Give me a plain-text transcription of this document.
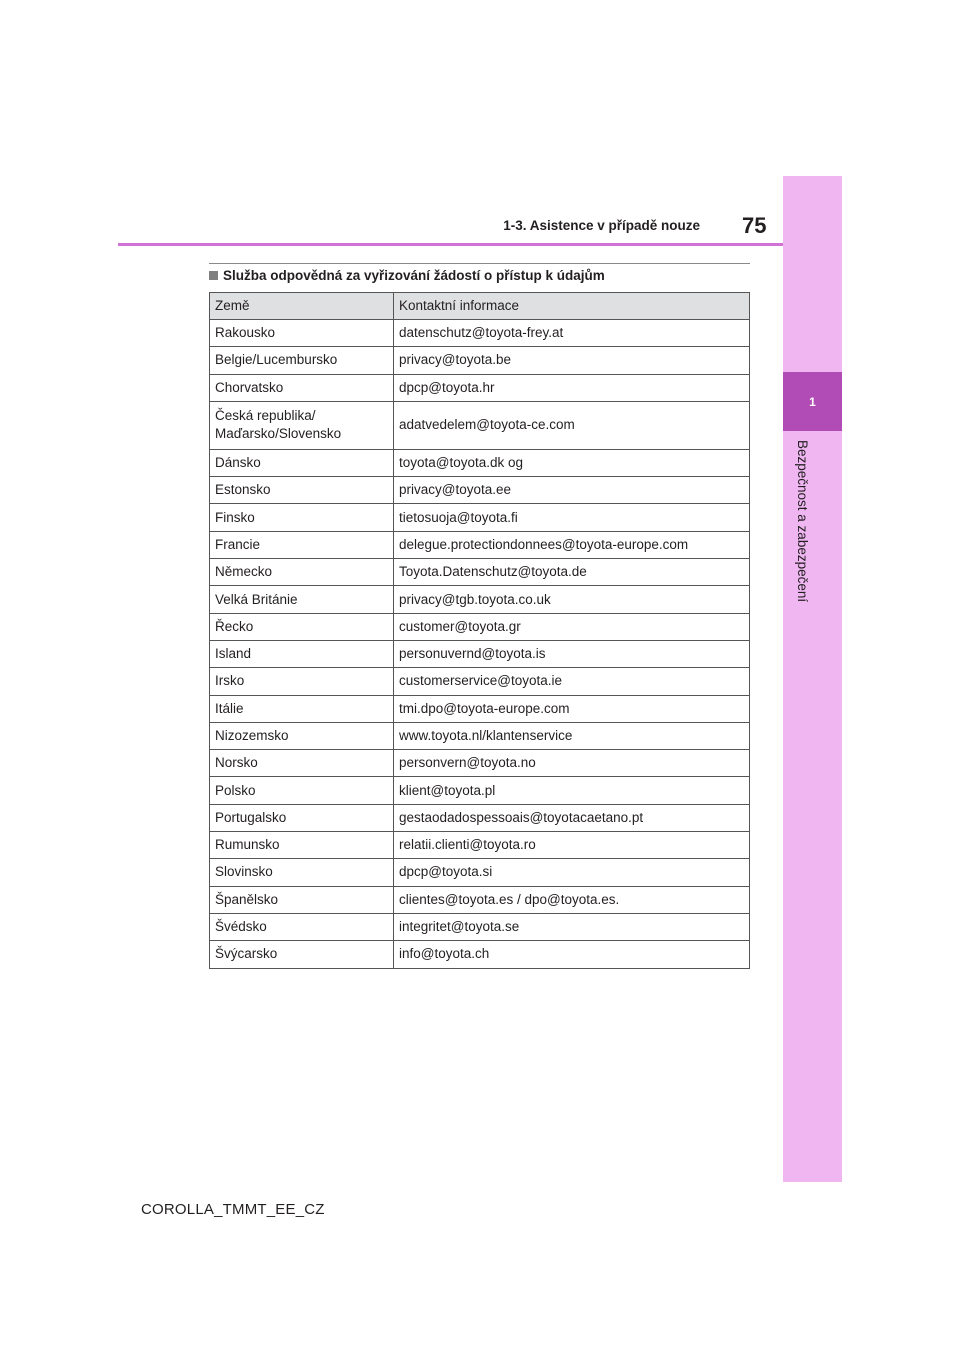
1
Bezpečnost a zabezpečení
1-3. Asistence v případě nouze 75
Služba odpovědná za vyřizování žádostí o přístup k údajům
Země	Kontaktní informace
Rakousko	datenschutz@toyota-frey.at
Belgie/Lucembursko	privacy@toyota.be
Chorvatsko	dpcp@toyota.hr

Česká republika/
Maďarsko/Slovensko	adatvedelem@toyota-ce.com
Dánsko	toyota@toyota.dk og
Estonsko	privacy@toyota.ee
Finsko	tietosuoja@toyota.fi
Francie	delegue.protectiondonnees@toyota-europe.com
Německo	Toyota.Datenschutz@toyota.de
Velká Británie	privacy@tgb.toyota.co.uk
Řecko	customer@toyota.gr
Island	personuvernd@toyota.is
Irsko	customerservice@toyota.ie
Itálie	tmi.dpo@toyota-europe.com
Nizozemsko	www.toyota.nl/klantenservice
Norsko	personvern@toyota.no
Polsko	klient@toyota.pl
Portugalsko	gestaodadospessoais@toyotacaetano.pt
Rumunsko	relatii.clienti@toyota.ro
Slovinsko	dpcp@toyota.si
Španělsko	clientes@toyota.es / dpo@toyota.es.
Švédsko	integritet@toyota.se
Švýcarsko	info@toyota.ch
COROLLA_TMMT_EE_CZ
